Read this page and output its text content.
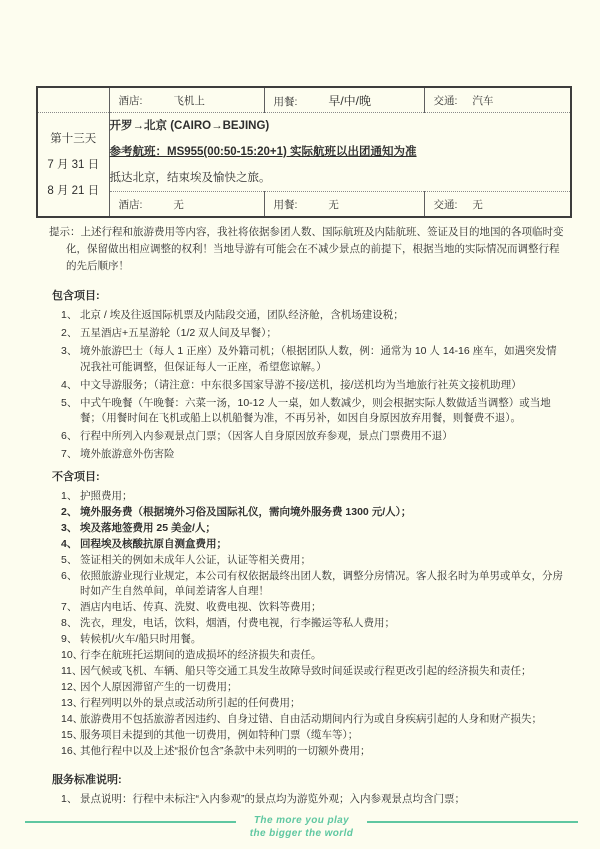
	酒店: 飞机上	用餐: 早/中/晚	交通: 汽车

第十三天
7 月 31 日
8 月 21 日

开罗→北京 (CAIRO→BEJING)
参考航班：MS955(00:50-15:20+1) 实际航班以出团通知为准
抵达北京，结束埃及愉快之旅。

	酒店: 无	用餐: 无	交通: 无
提示：上述行程和旅游费用等内容，我社将依据参团人数、国际航班及内陆航班、签证及目的地国的各项临时变化，保留做出相应调整的权利！当地导游有可能会在不减少景点的前提下，根据当地的实际情况而调整行程的先后顺序！
包含项目:
1、 北京 / 埃及往返国际机票及内陆段交通，团队经济舱，含机场建设税；
2、 五星酒店+五星游轮（1/2 双人间及早餐）；
3、 境外旅游巴士（每人 1 正座）及外籍司机；（根据团队人数，例：通常为 10 人 14-16 座车，如遇突发情况我社可能调整，但保证每人一正座，希望您谅解。）
4、 中文导游服务；（请注意：中东很多国家导游不接/送机，接/送机均为当地旅行社英文接机助理）
5、 中式午晚餐（午晚餐：六菜一汤，10-12 人一桌，如人数减少，则会根据实际人数做适当调整）或当地餐；（用餐时间在飞机或船上以机船餐为准，不再另补，如因自身原因放弃用餐，则餐费不退）。
6、 行程中所列入内参观景点门票；（因客人自身原因放弃参观，景点门票费用不退）
7、 境外旅游意外伤害险
不含项目:
1、 护照费用；
2、 境外服务费（根据境外习俗及国际礼仪，需向境外服务费 1300 元/人）；
3、 埃及落地签费用 25 美金/人；
4、 回程埃及核酸抗原自测盒费用；
5、 签证相关的例如未成年人公证，认证等相关费用；
6、 依照旅游业现行业规定，本公司有权依据最终出团人数，调整分房情况。客人报名时为单男或单女，分房时如产生自然单间，单间差请客人自理！
7、 酒店内电话、传真、洗熨、收费电视、饮料等费用；
8、 洗衣，理发，电话，饮料，烟酒，付费电视，行李搬运等私人费用；
9、 转候机/火车/船只时用餐。
10、
行李在航班托运期间的造成损坏的经济损失和责任。
11、
因气候或飞机、车辆、船只等交通工具发生故障导致时间延误或行程更改引起的经济损失和责任；
12、
因个人原因滞留产生的一切费用；
13、
行程列明以外的景点或活动所引起的任何费用；
14、
旅游费用不包括旅游者因违约、自身过错、自由活动期间内行为或自身疾病引起的人身和财产损失；
15、
服务项目未提到的其他一切费用，例如特种门票（缆车等）；
16、
其他行程中以及上述“报价包含”条款中未列明的一切额外费用；
服务标准说明:
1、 景点说明：行程中未标注“入内参观”的景点均为游览外观；入内参观景点均含门票；
The more you play
the bigger the world
